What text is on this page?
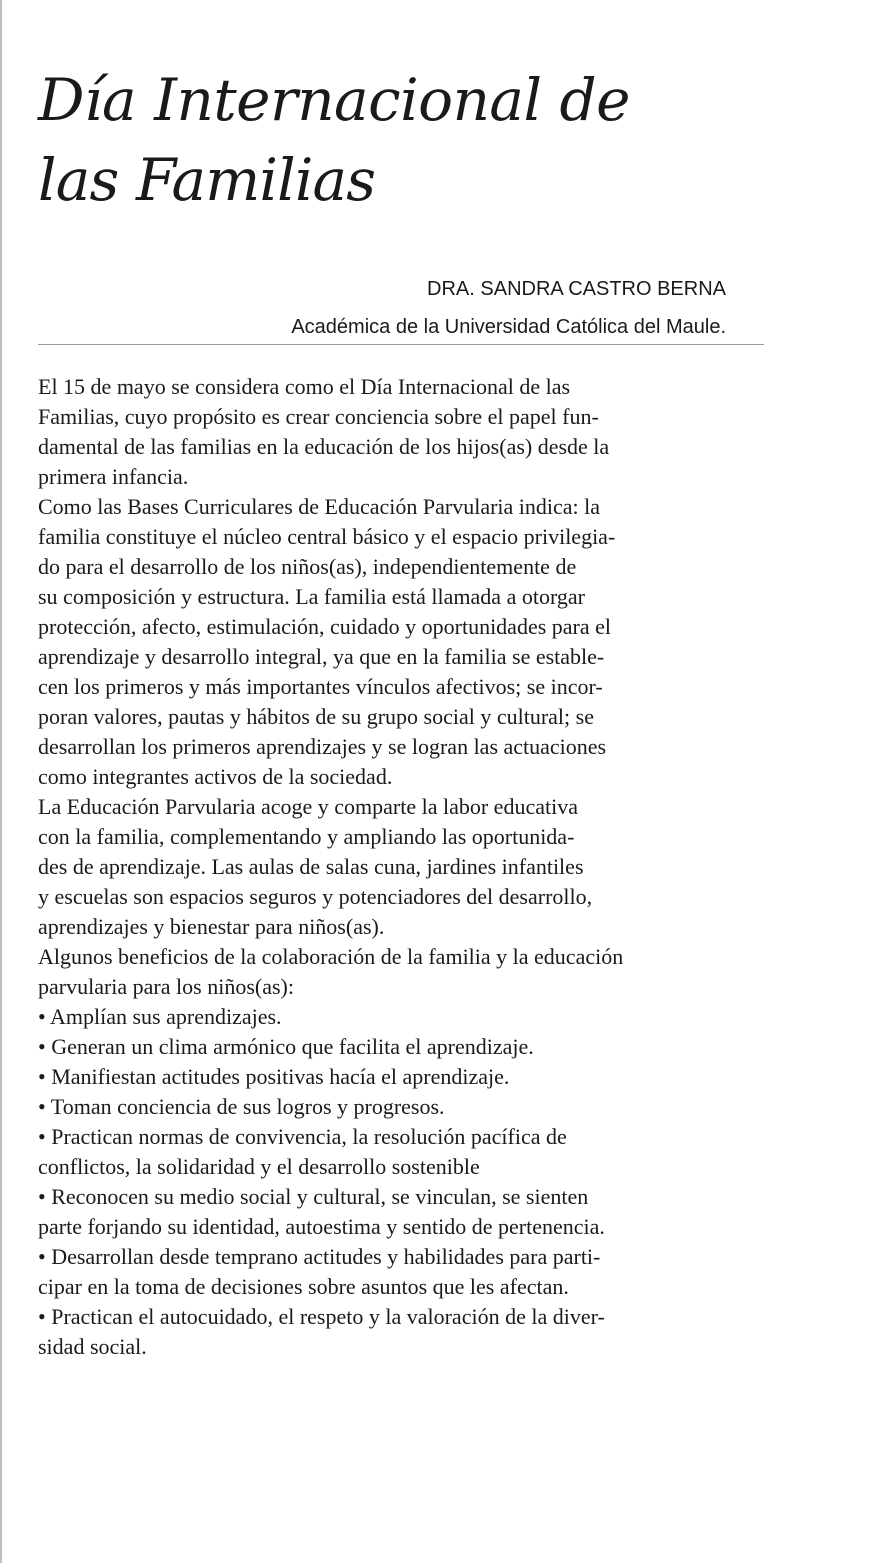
Día Internacional de
las Familias
DRA. SANDRA CASTRO BERNA
Académica de la Universidad Católica del Maule.
El 15 de mayo se considera como el Día Internacional de las
Familias, cuyo propósito es crear conciencia sobre el papel fun-
damental de las familias en la educación de los hijos(as) desde la
primera infancia.
Como las Bases Curriculares de Educación Parvularia indica: la
familia constituye el núcleo central básico y el espacio privilegia-
do para el desarrollo de los niños(as), independientemente de
su composición y estructura. La familia está llamada a otorgar
protección, afecto, estimulación, cuidado y oportunidades para el
aprendizaje y desarrollo integral, ya que en la familia se estable-
cen los primeros y más importantes vínculos afectivos; se incor-
poran valores, pautas y hábitos de su grupo social y cultural; se
desarrollan los primeros aprendizajes y se logran las actuaciones
como integrantes activos de la sociedad.
La Educación Parvularia acoge y comparte la labor educativa
con la familia, complementando y ampliando las oportunida-
des de aprendizaje. Las aulas de salas cuna, jardines infantiles
y escuelas son espacios seguros y potenciadores del desarrollo,
aprendizajes y bienestar para niños(as).
Algunos beneficios de la colaboración de la familia y la educación
parvularia para los niños(as):
• Amplían sus aprendizajes.
• Generan un clima armónico que facilita el aprendizaje.
• Manifiestan actitudes positivas hacía el aprendizaje.
• Toman conciencia de sus logros y progresos.
• Practican normas de convivencia, la resolución pacífica de
conflictos, la solidaridad y el desarrollo sostenible
• Reconocen su medio social y cultural, se vinculan, se sienten
parte forjando su identidad, autoestima y sentido de pertenencia.
• Desarrollan desde temprano actitudes y habilidades para parti-
cipar en la toma de decisiones sobre asuntos que les afectan.
• Practican el autocuidado, el respeto y la valoración de la diver-
sidad social.
